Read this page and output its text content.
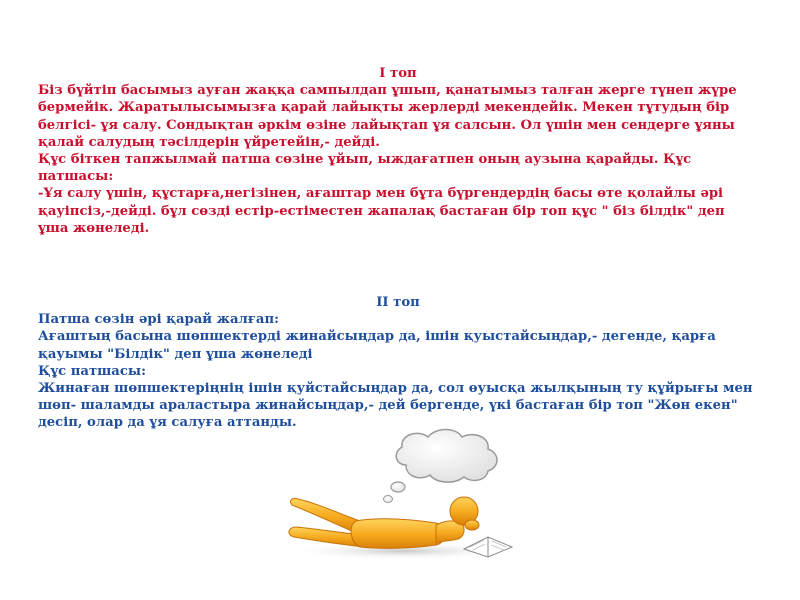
I топ

Біз бүйтіп басымыз ауған жаққа сампылдап ұшып, қанатымыз талған жерге түнеп жүре бермейік. Жаратылысымызға қарай лайықты жерлерді мекендейік. Мекен тұтудың бір белгісі- ұя салу. Сондықтан әркім өзіне лайықтап ұя салсын. Ол үшін мен сендерге ұяны қалай салудың тәсілдерін үйретейін,- дейді.

Құс біткен тапжылмай патша сөзіне ұйып, ыждағатпен оның аузына қарайды. Құс патшасы:

-Ұя салу үшін, құстарға,негізінен, ағаштар мен бұта бүргендердің басы өте қолайлы әрі қауіпсіз,-дейді. бұл сөзді естір-естіместен жапалақ бастаған бір топ құс " біз білдік" деп ұша жөнеледі.

II топ

Патша сөзін әрі қарай жалғап:

Ағаштың басына шөпшектерді жинайсыңдар да, ішін қуыстайсыңдар,- дегенде, қарға қауымы "Білдік" деп ұша жөнеледі

Құс патшасы:

Жинаған шөпшектеріңнің ішін қуйстайсыңдар да, сол өуысқа жылқының ту құйрығы мен шөп- шаламды араластыра жинайсыңдар,- дей бергенде, үкі бастаған бір топ "Жөн екен" десіп, олар да ұя салуға аттанды.
